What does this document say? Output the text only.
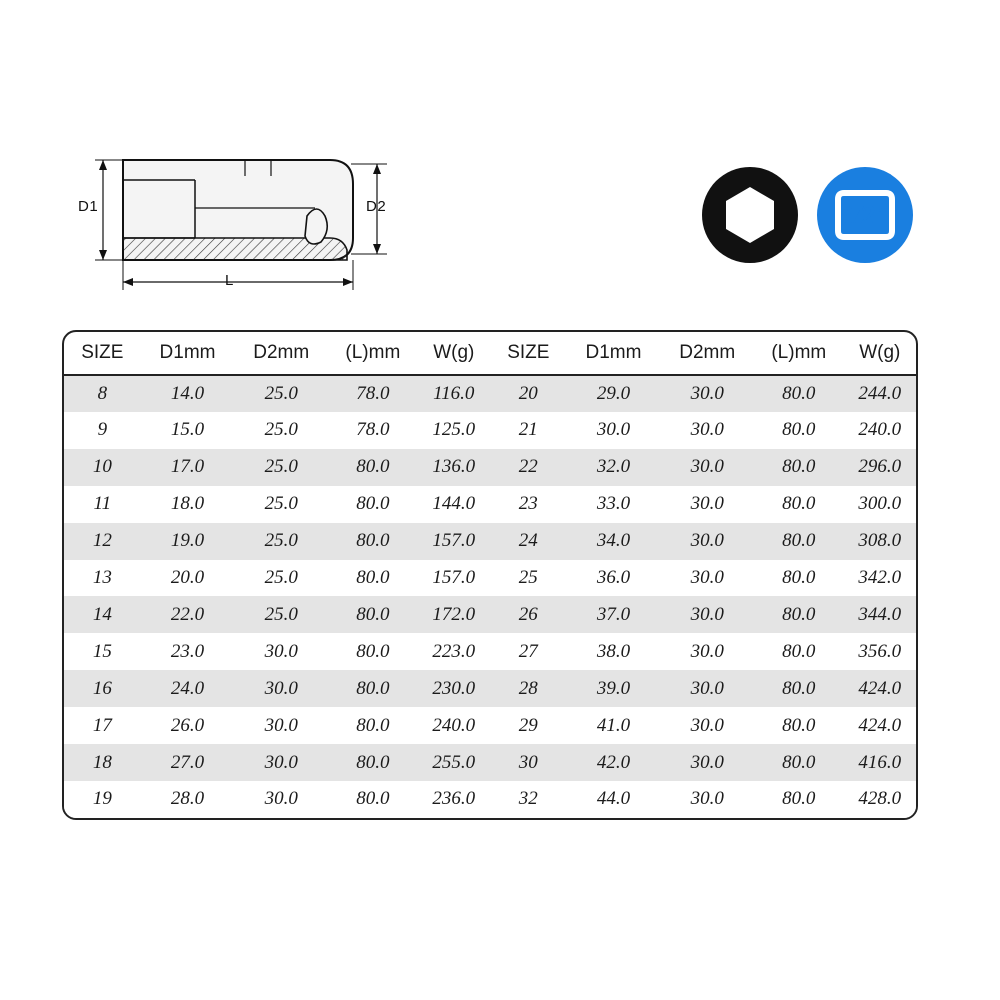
D1	D2
L
1/2"
SIZE	D1mm	D2mm	(L)mm	W(g)	SIZE	D1mm	D2mm	(L)mm	W(g)
8	14.0	25.0	78.0	116.0	20	29.0	30.0	80.0	244.0
9	15.0	25.0	78.0	125.0	21	30.0	30.0	80.0	240.0
10	17.0	25.0	80.0	136.0	22	32.0	30.0	80.0	296.0
11	18.0	25.0	80.0	144.0	23	33.0	30.0	80.0	300.0
12	19.0	25.0	80.0	157.0	24	34.0	30.0	80.0	308.0
13	20.0	25.0	80.0	157.0	25	36.0	30.0	80.0	342.0
14	22.0	25.0	80.0	172.0	26	37.0	30.0	80.0	344.0
15	23.0	30.0	80.0	223.0	27	38.0	30.0	80.0	356.0
16	24.0	30.0	80.0	230.0	28	39.0	30.0	80.0	424.0
17	26.0	30.0	80.0	240.0	29	41.0	30.0	80.0	424.0
18	27.0	30.0	80.0	255.0	30	42.0	30.0	80.0	416.0
19	28.0	30.0	80.0	236.0	32	44.0	30.0	80.0	428.0
